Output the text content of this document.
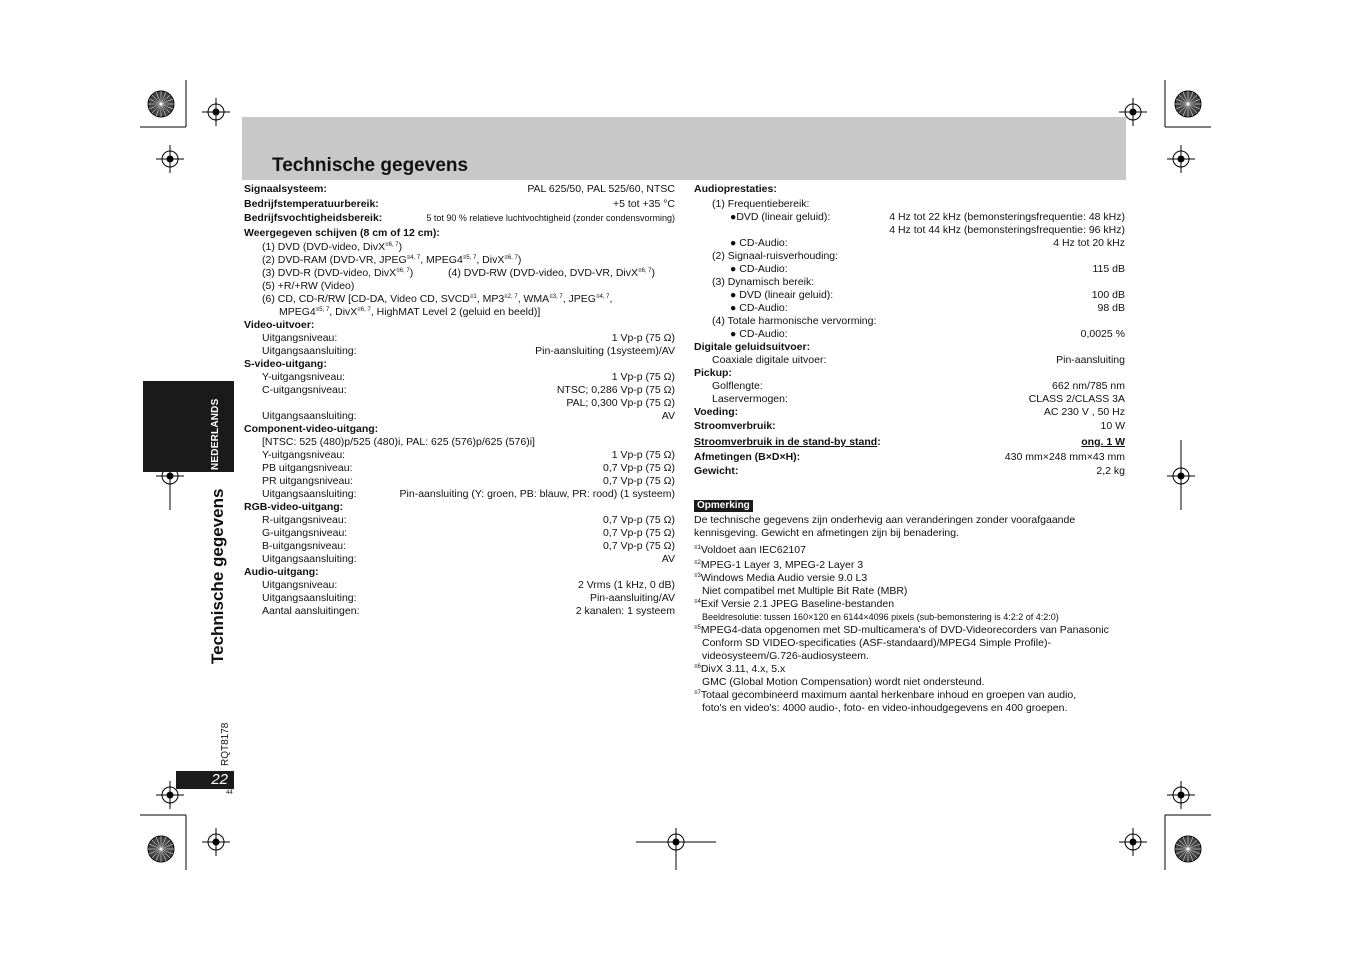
Technische gegevens
NEDERLANDS
Technische gegevens
RQT8178
22
44
Signaalsysteem:	PAL 625/50, PAL 525/60, NTSC
Bedrijfstemperatuurbereik:	+5 tot +35 °C
Bedrijfsvochtigheidsbereik:	5 tot 90 % relatieve luchtvochtigheid (zonder condensvorming)
Weergegeven schijven (8 cm of 12 cm):
(1) DVD (DVD-video, DivX$^{\equiv 6, 7}$)
(2) DVD-RAM (DVD-VR, $JPEG^{\equiv 4, 7}$, $MPEG4^{\equiv 5, 7}$, DivX$^{\equiv 6, 7}$)
(3) DVD-R (DVD-video, DivX$^{\equiv 6, 7}$)	(4) DVD-RW (DVD-video, DVD-VR, DivX$^{\equiv 6, 7}$)
(5) +R/+RW (Video)
(6) CD, CD-R/RW [CD-DA, Video CD, $SVCD^{\equiv 1}$, $MP3^{\equiv 2, 7}$, $WMA^{\equiv 3, 7}$, $JPEG^{\equiv 4, 7}$,
$MPEG4^{\equiv 5, 7}$, DivX$^{\equiv 6, 7}$, HighMAT Level 2 (geluid en beeld)]
Video-uitvoer:
Uitgangsniveau:	1 Vp-p (75 Ω)
Uitgangsaansluiting:	Pin-aansluiting (1systeem)/AV
S-video-uitgang:
Y-uitgangsniveau:	1 Vp-p (75 Ω)
C-uitgangsniveau:	NTSC; 0,286 Vp-p (75 Ω)
PAL; 0,300 Vp-p (75 Ω)
Uitgangsaansluiting:	AV
Component-video-uitgang:
[NTSC: 525 (480)p/525 (480)i, PAL: 625 (576)p/625 (576)i]
Y-uitgangsniveau:	1 Vp-p (75 Ω)
PB uitgangsniveau:	0,7 Vp-p (75 Ω)
PR uitgangsniveau:	0,7 Vp-p (75 Ω)
Uitgangsaansluiting:	Pin-aansluiting (Y: groen, PB: blauw, PR: rood) (1 systeem)
RGB-video-uitgang:
R-uitgangsniveau:	0,7 Vp-p (75 Ω)
G-uitgangsniveau:	0,7 Vp-p (75 Ω)
B-uitgangsniveau:	0,7 Vp-p (75 Ω)
Uitgangsaansluiting:	AV
Audio-uitgang:
Uitgangsniveau:	2 Vrms (1 kHz, 0 dB)
Uitgangsaansluiting:	Pin-aansluiting/AV
Aantal aansluitingen:	2 kanalen: 1 systeem
Audioprestaties:
(1) Frequentiebereik:
●DVD (lineair geluid):	4 Hz tot 22 kHz (bemonsteringsfrequentie: 48 kHz)
4 Hz tot 44 kHz (bemonsteringsfrequentie: 96 kHz)
● CD-Audio:	4 Hz tot 20 kHz
(2) Signaal-ruisverhouding:
● CD-Audio:	115 dB
(3) Dynamisch bereik:
● DVD (lineair geluid):	100 dB
● CD-Audio:	98 dB
(4) Totale harmonische vervorming:
● CD-Audio:	0,0025 %
Digitale geluidsuitvoer:
Coaxiale digitale uitvoer:	Pin-aansluiting
Pickup:
Golflengte:	662 nm/785 nm
Laservermogen:	CLASS 2/CLASS 3A
Voeding:	AC 230 V , 50 Hz
Stroomverbruik:	10 W
Stroomverbruik in de stand-by stand:	ong. 1 W
Afmetingen (B×D×H):	430 mm×248 mm×43 mm
Gewicht:	2,2 kg
Opmerking
De technische gegevens zijn onderhevig aan veranderingen zonder voorafgaande kennisgeving. Gewicht en afmetingen zijn bij benadering.
$^{\equiv 1}$Voldoet aan IEC62107
$^{\equiv 2}$MPEG-1 Layer 3, MPEG-2 Layer 3
$^{\equiv 3}$Windows Media Audio versie 9.0 L3
Niet compatibel met Multiple Bit Rate (MBR)
$^{\equiv 4}$Exif Versie 2.1 JPEG Baseline-bestanden
Beeldresolutie: tussen 160×120 en 6144×4096 pixels (sub-bemonstering is 4:2:2 of 4:2:0)
$^{\equiv 5}$MPEG4-data opgenomen met SD-multicamera's of DVD-Videorecorders van Panasonic
Conform SD VIDEO-specificaties (ASF-standaard)/MPEG4 Simple Profile)-
videosysteem/G.726-audiosysteem.
$^{\equiv 6}$DivX 3.11, 4.x, 5.x
GMC (Global Motion Compensation) wordt niet ondersteund.
$^{\equiv 7}$Totaal gecombineerd maximum aantal herkenbare inhoud en groepen van audio,
foto's en video's: 4000 audio-, foto- en video-inhoudgegevens en 400 groepen.
